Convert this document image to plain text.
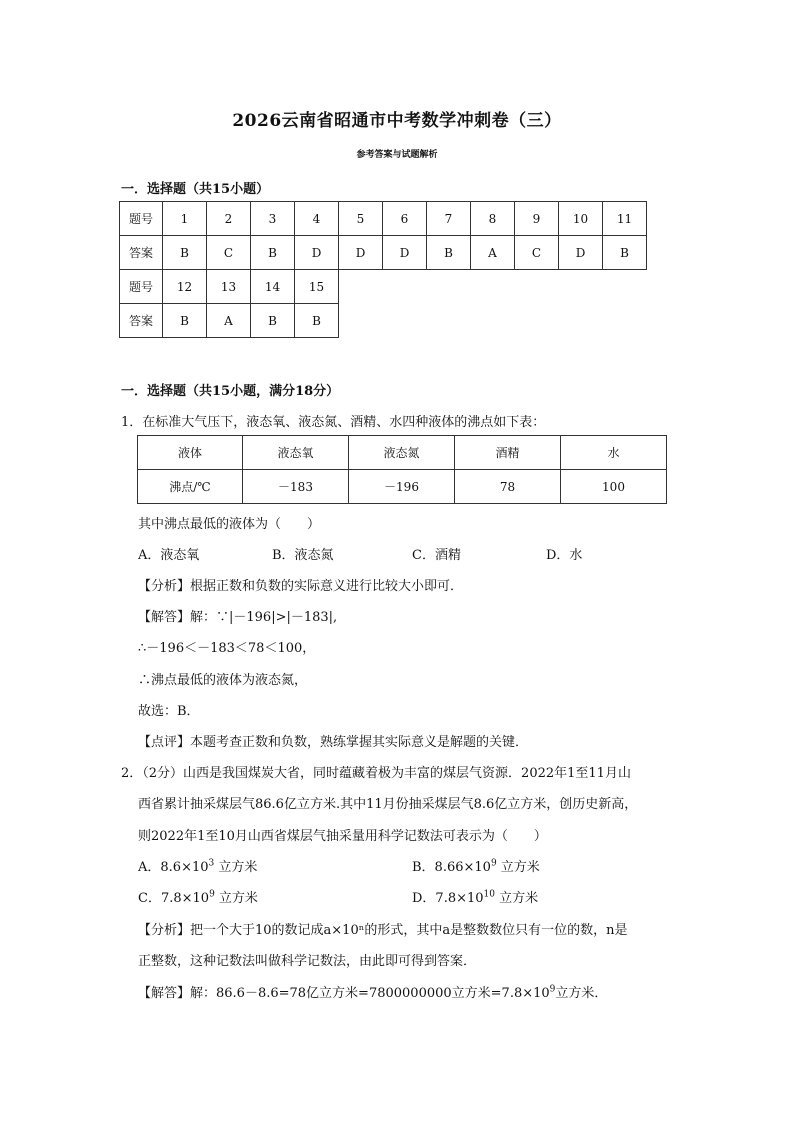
2026云南省昭通市中考数学冲刺卷（三）
参考答案与试题解析
一．选择题（共15小题）
题号	1	2	3	4	5	6	7	8	9	10	11
答案	B	C	B	D	D	D	B	A	C	D	B
题号	12	13	14	15							
答案	B	A	B	B							
一．选择题（共15小题，满分18分）
1．在标准大气压下，液态氧、液态氮、酒精、水四种液体的沸点如下表：
液体	液态氧	液态氮	酒精	水
沸点/℃	－183	－196	78	100
其中沸点最低的液体为（　　）
A．液态氧	B．液态氮	C．酒精	D．水
【分析】根据正数和负数的实际意义进行比较大小即可．
【解答】解：∵|－196|>|－183|,
∴－196＜－183＜78＜100，
∴沸点最低的液体为液态氮，
故选：B．
【点评】本题考查正数和负数，熟练掌握其实际意义是解题的关键．
2．（2分）山西是我国煤炭大省，同时蕴藏着极为丰富的煤层气资源．2022年1至11月山
西省累计抽采煤层气86.6亿立方米.其中11月份抽采煤层气8.6亿立方米，创历史新高，
则2022年1至10月山西省煤层气抽采量用科学记数法可表示为（　　）
A．$8.6\times 10^3$ 立方米	B．$8.66\times 10^9$ 立方米
C．$7.8\times 10^9$ 立方米	D．$7.8\times 10^{10}$ 立方米
【分析】把一个大于10的数记成a×10ⁿ的形式，其中a是整数数位只有一位的数，n是
正整数，这种记数法叫做科学记数法，由此即可得到答案．
【解答】解：86.6－8.6=78亿立方米=7800000000立方米$=7.8\times 10^9$立方米．
